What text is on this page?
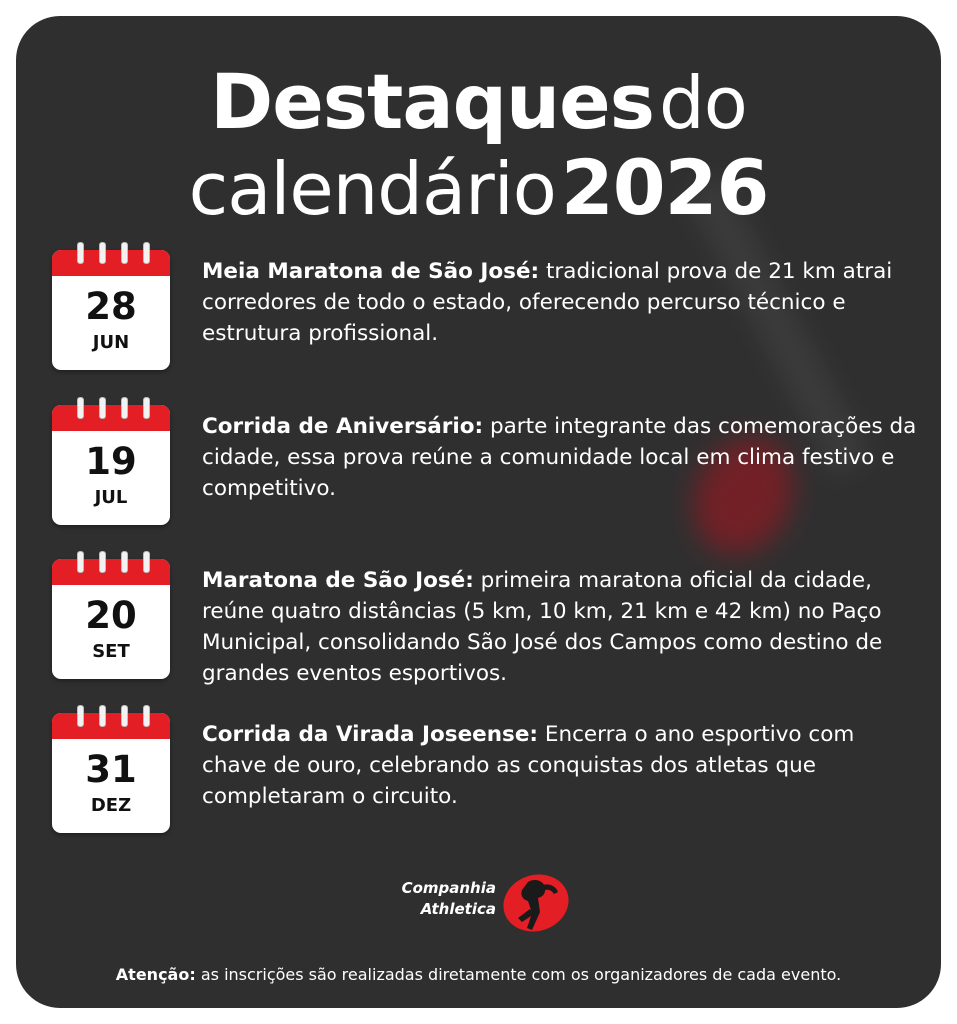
Destaques do
calendário 2026
28
JUN
Meia Maratona de São José: tradicional prova de 21 km atrai corredores de todo o estado, oferecendo percurso técnico e estrutura profissional.
19
JUL
Corrida de Aniversário: parte integrante das comemorações da cidade, essa prova reúne a comunidade local em clima festivo e competitivo.
20
SET
Maratona de São José: primeira maratona oficial da cidade, reúne quatro distâncias (5 km, 10 km, 21 km e 42 km) no Paço Municipal, consolidando São José dos Campos como destino de grandes eventos esportivos.
31
DEZ
Corrida da Virada Joseense: Encerra o ano esportivo com chave de ouro, celebrando as conquistas dos atletas que completaram o circuito.
Companhia
Athletica
Atenção: as inscrições são realizadas diretamente com os organizadores de cada evento.
